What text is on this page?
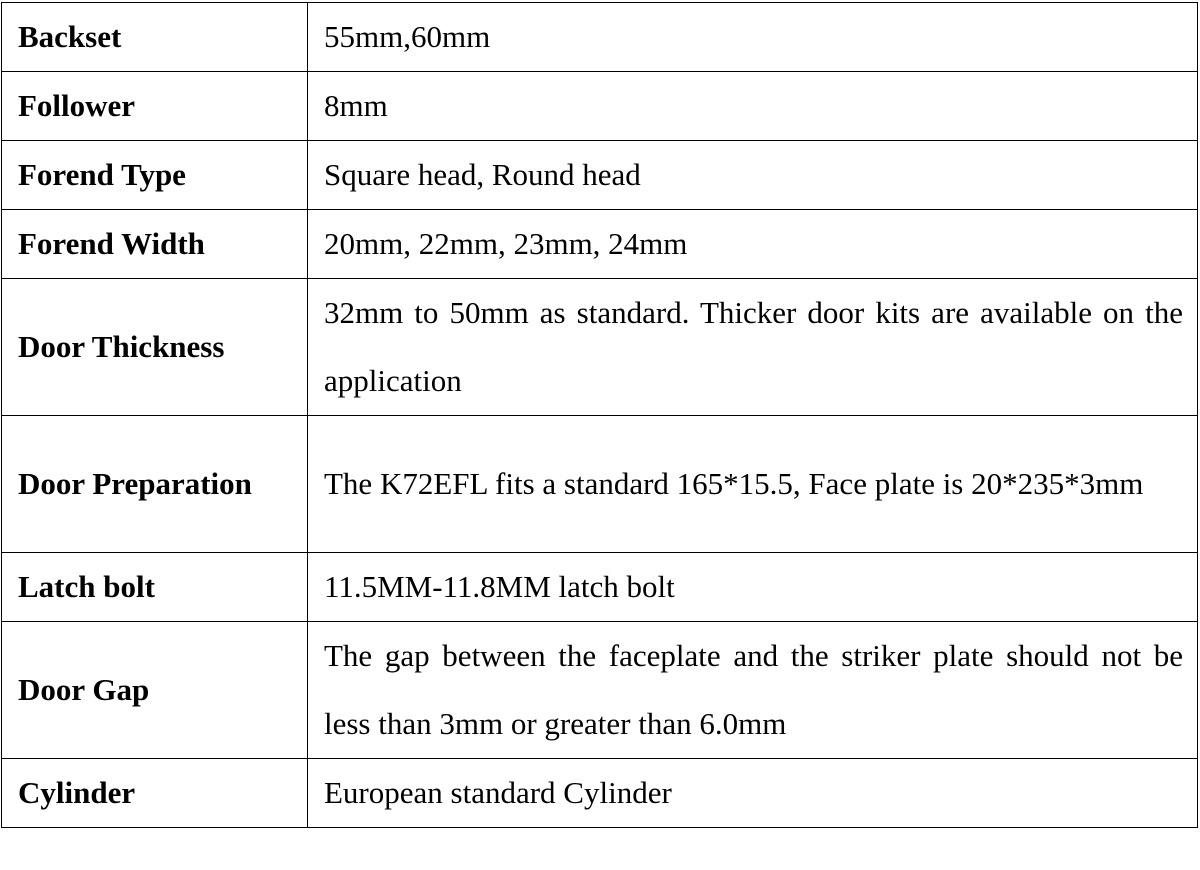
Backset	55mm,60mm
Follower	8mm
Forend Type	Square head, Round head
Forend Width	20mm, 22mm, 23mm, 24mm
Door Thickness	32mm to 50mm as standard. Thicker door kits are available on the application
Door Preparation	The K72EFL fits a standard 165*15.5, Face plate is 20*235*3mm
Latch bolt	11.5MM-11.8MM latch bolt
Door Gap	The gap between the faceplate and the striker plate should not be less than 3mm or greater than 6.0mm
Cylinder	European standard Cylinder
